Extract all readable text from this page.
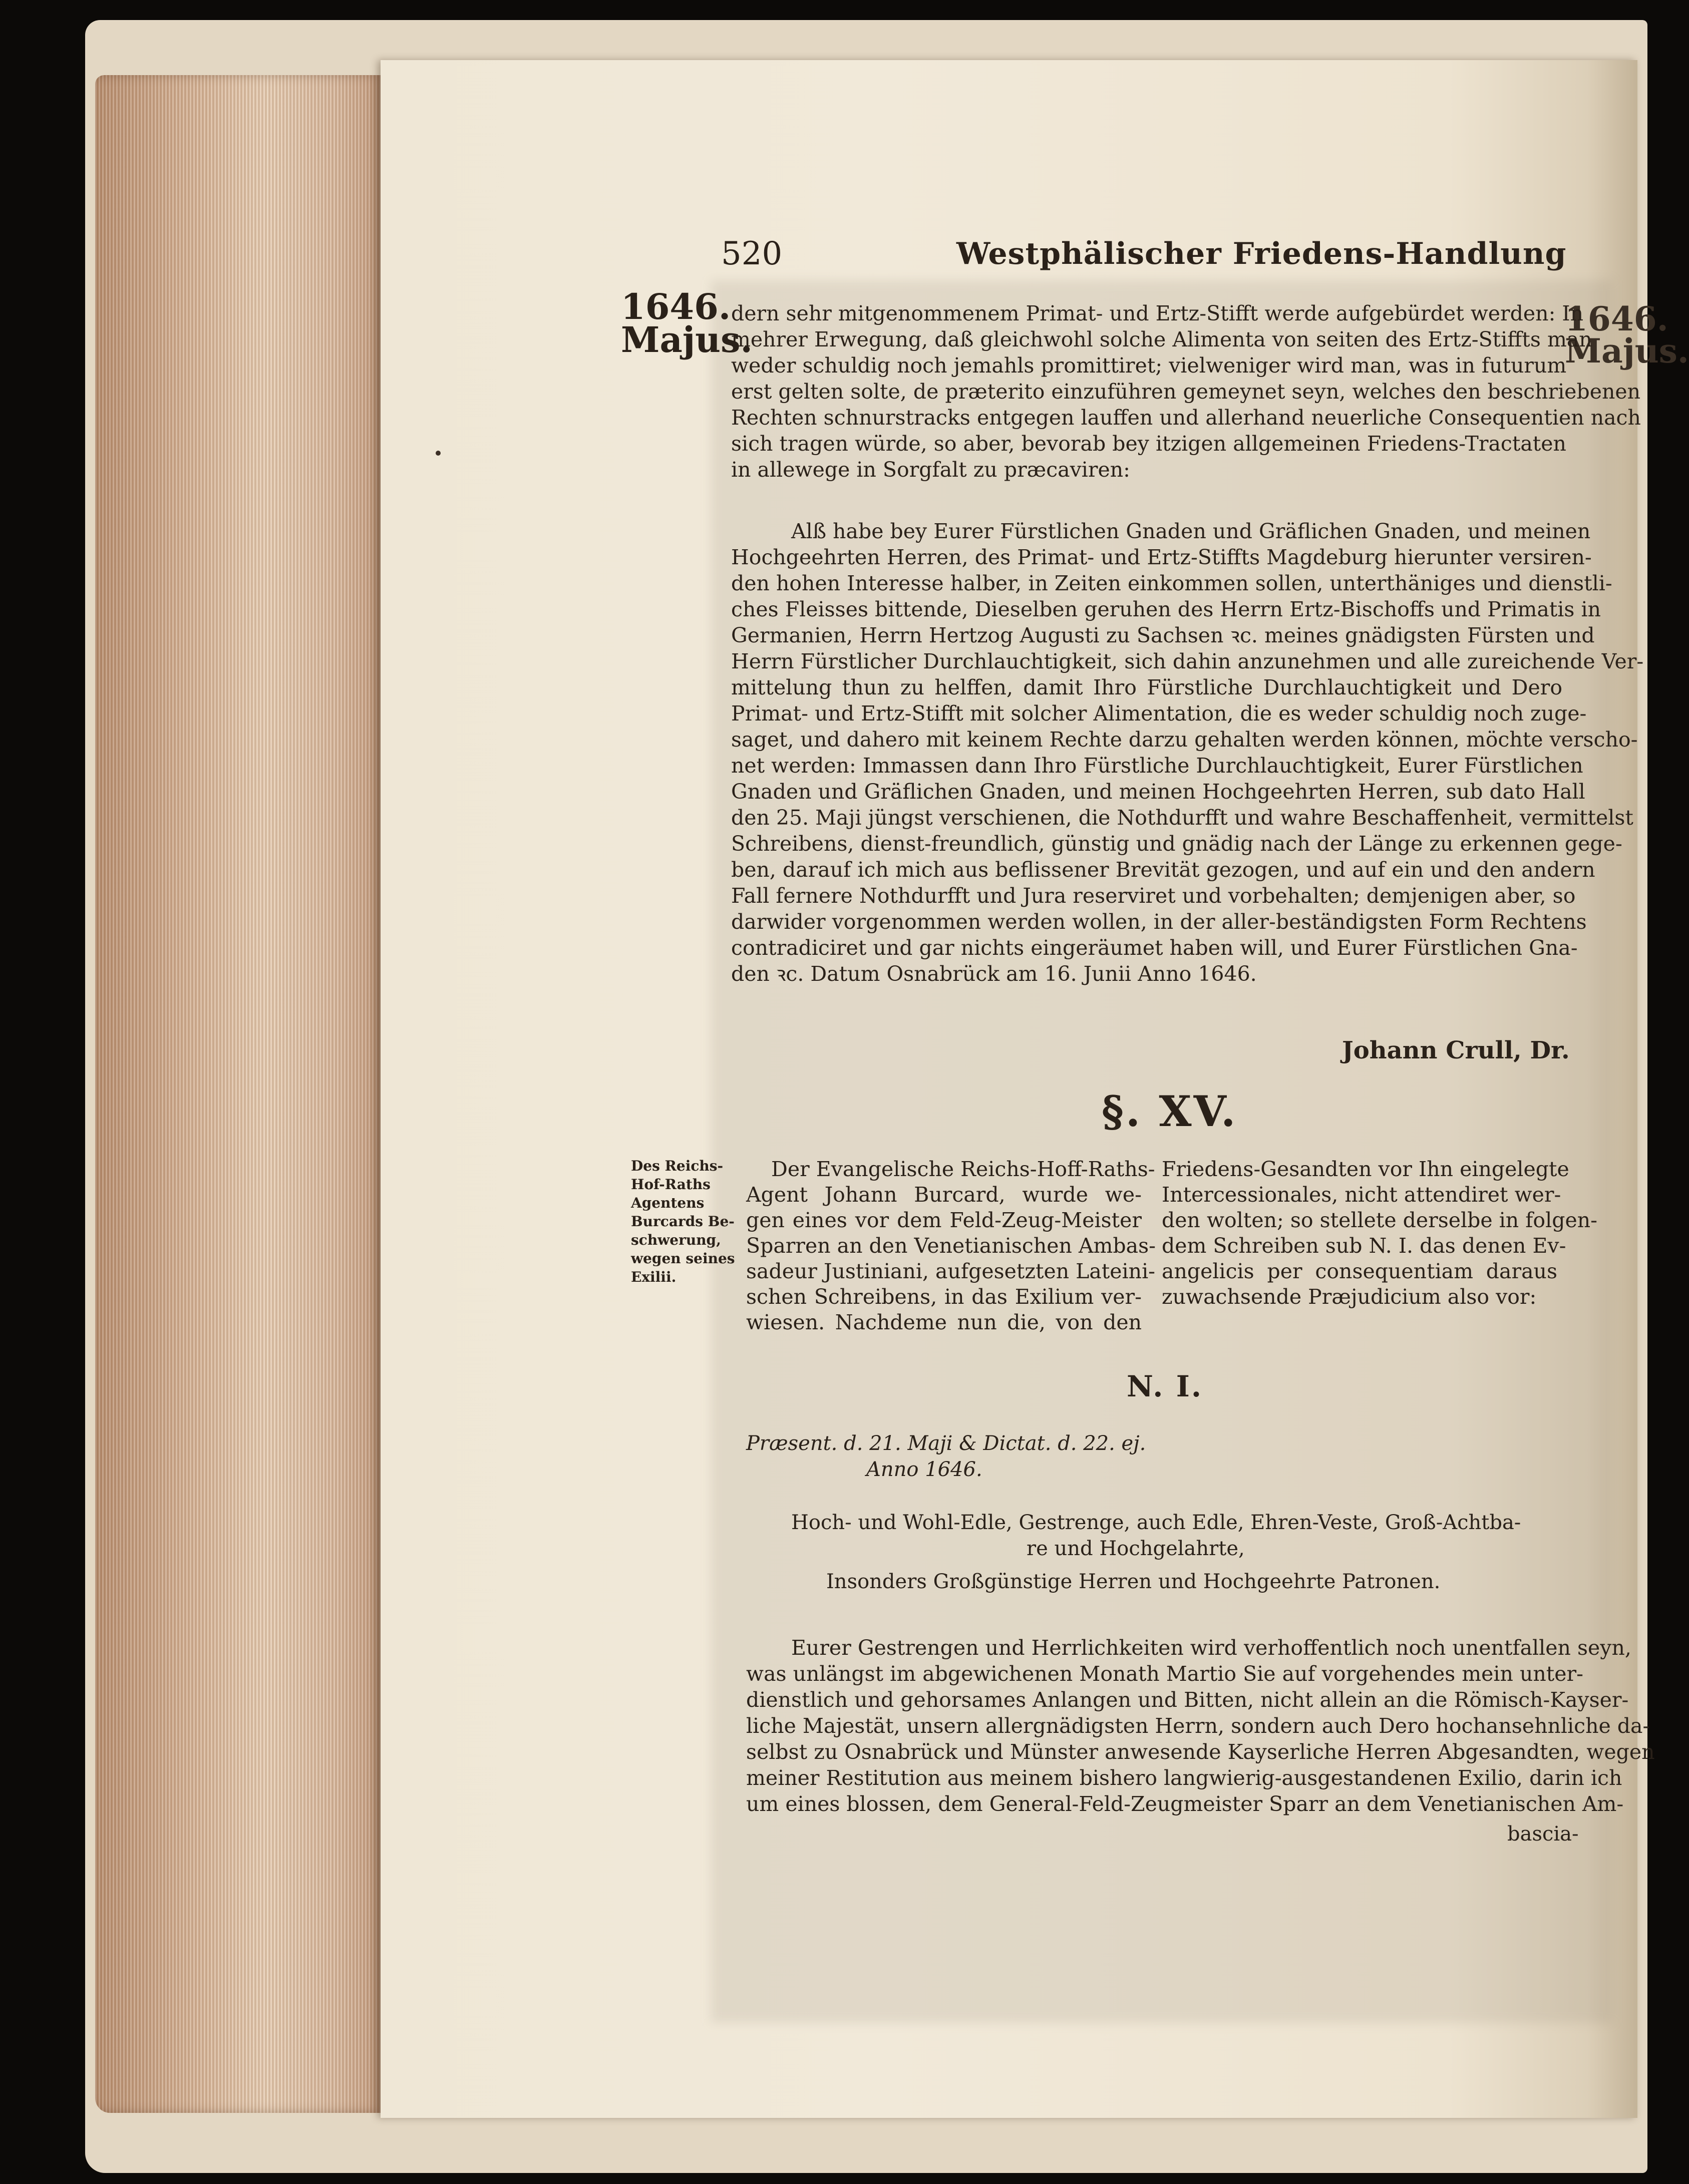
520	Westphälischer Friedens-Handlung

1646.
Majus.	1646.
Majus.
dern sehr mitgenommenem Primat- und Ertz-Stifft werde aufgebürdet werden: In
mehrer Erwegung, daß gleichwohl solche Alimenta von seiten des Ertz-Stiffts man
weder schuldig noch jemahls promittiret; vielweniger wird man, was in futurum
erst gelten solte, de præterito einzuführen gemeynet seyn, welches den beschriebenen
Rechten schnurstracks entgegen lauffen und allerhand neuerliche Consequentien nach
sich tragen würde, so aber, bevorab bey itzigen allgemeinen Friedens-Tractaten
in allewege in Sorgfalt zu præcaviren:
Alß habe bey Eurer Fürstlichen Gnaden und Gräflichen Gnaden, und meinen
Hochgeehrten Herren, des Primat- und Ertz-Stiffts Magdeburg hierunter versiren-
den hohen Interesse halber, in Zeiten einkommen sollen, unterthäniges und dienstli-
ches Fleisses bittende, Dieselben geruhen des Herrn Ertz-Bischoffs und Primatis in
Germanien, Herrn Hertzog Augusti zu Sachsen ꝛc. meines gnädigsten Fürsten und
Herrn Fürstlicher Durchlauchtigkeit, sich dahin anzunehmen und alle zureichende Ver-
mittelung thun zu helffen, damit Ihro Fürstliche Durchlauchtigkeit und Dero
Primat- und Ertz-Stifft mit solcher Alimentation, die es weder schuldig noch zuge-
saget, und dahero mit keinem Rechte darzu gehalten werden können, möchte verscho-
net werden: Immassen dann Ihro Fürstliche Durchlauchtigkeit, Eurer Fürstlichen
Gnaden und Gräflichen Gnaden, und meinen Hochgeehrten Herren, sub dato Hall
den 25. Maji jüngst verschienen, die Nothdurfft und wahre Beschaffenheit, vermittelst
Schreibens, dienst-freundlich, günstig und gnädig nach der Länge zu erkennen gege-
ben, darauf ich mich aus beflissener Brevität gezogen, und auf ein und den andern
Fall fernere Nothdurfft und Jura reserviret und vorbehalten; demjenigen aber, so
darwider vorgenommen werden wollen, in der aller-beständigsten Form Rechtens
contradiciret und gar nichts eingeräumet haben will, und Eurer Fürstlichen Gna-
den ꝛc. Datum Osnabrück am 16. Junii Anno 1646.

Johann Crull, Dr.

§. XV.

Des Reichs-
Hof-Raths
Agentens
Burcards Be-
schwerung,
wegen seines
Exilii.
Der Evangelische Reichs-Hoff-Raths-
Agent Johann Burcard, wurde we-
gen eines vor dem Feld-Zeug-Meister
Sparren an den Venetianischen Ambas-
sadeur Justiniani, aufgesetzten Lateini-
schen Schreibens, in das Exilium ver-
wiesen. Nachdeme nun die, von den
Friedens-Gesandten vor Ihn eingelegte
Intercessionales, nicht attendiret wer-
den wolten; so stellete derselbe in folgen-
dem Schreiben sub N. I. das denen Ev-
angelicis per consequentiam daraus
zuwachsende Præjudicium also vor:

N. I.

Præsent. d. 21. Maji & Dictat. d. 22. ej.

Anno 1646.

Hoch- und Wohl-Edle, Gestrenge, auch Edle, Ehren-Veste, Groß-Achtba-
re und Hochgelahrte,
Insonders Großgünstige Herren und Hochgeehrte Patronen.
Eurer Gestrengen und Herrlichkeiten wird verhoffentlich noch unentfallen seyn,
was unlängst im abgewichenen Monath Martio Sie auf vorgehendes mein unter-
dienstlich und gehorsames Anlangen und Bitten, nicht allein an die Römisch-Kayser-
liche Majestät, unsern allergnädigsten Herrn, sondern auch Dero hochansehnliche da-
selbst zu Osnabrück und Münster anwesende Kayserliche Herren Abgesandten, wegen
meiner Restitution aus meinem bishero langwierig-ausgestandenen Exilio, darin ich
um eines blossen, dem General-Feld-Zeugmeister Sparr an dem Venetianischen Am-

bascia-
